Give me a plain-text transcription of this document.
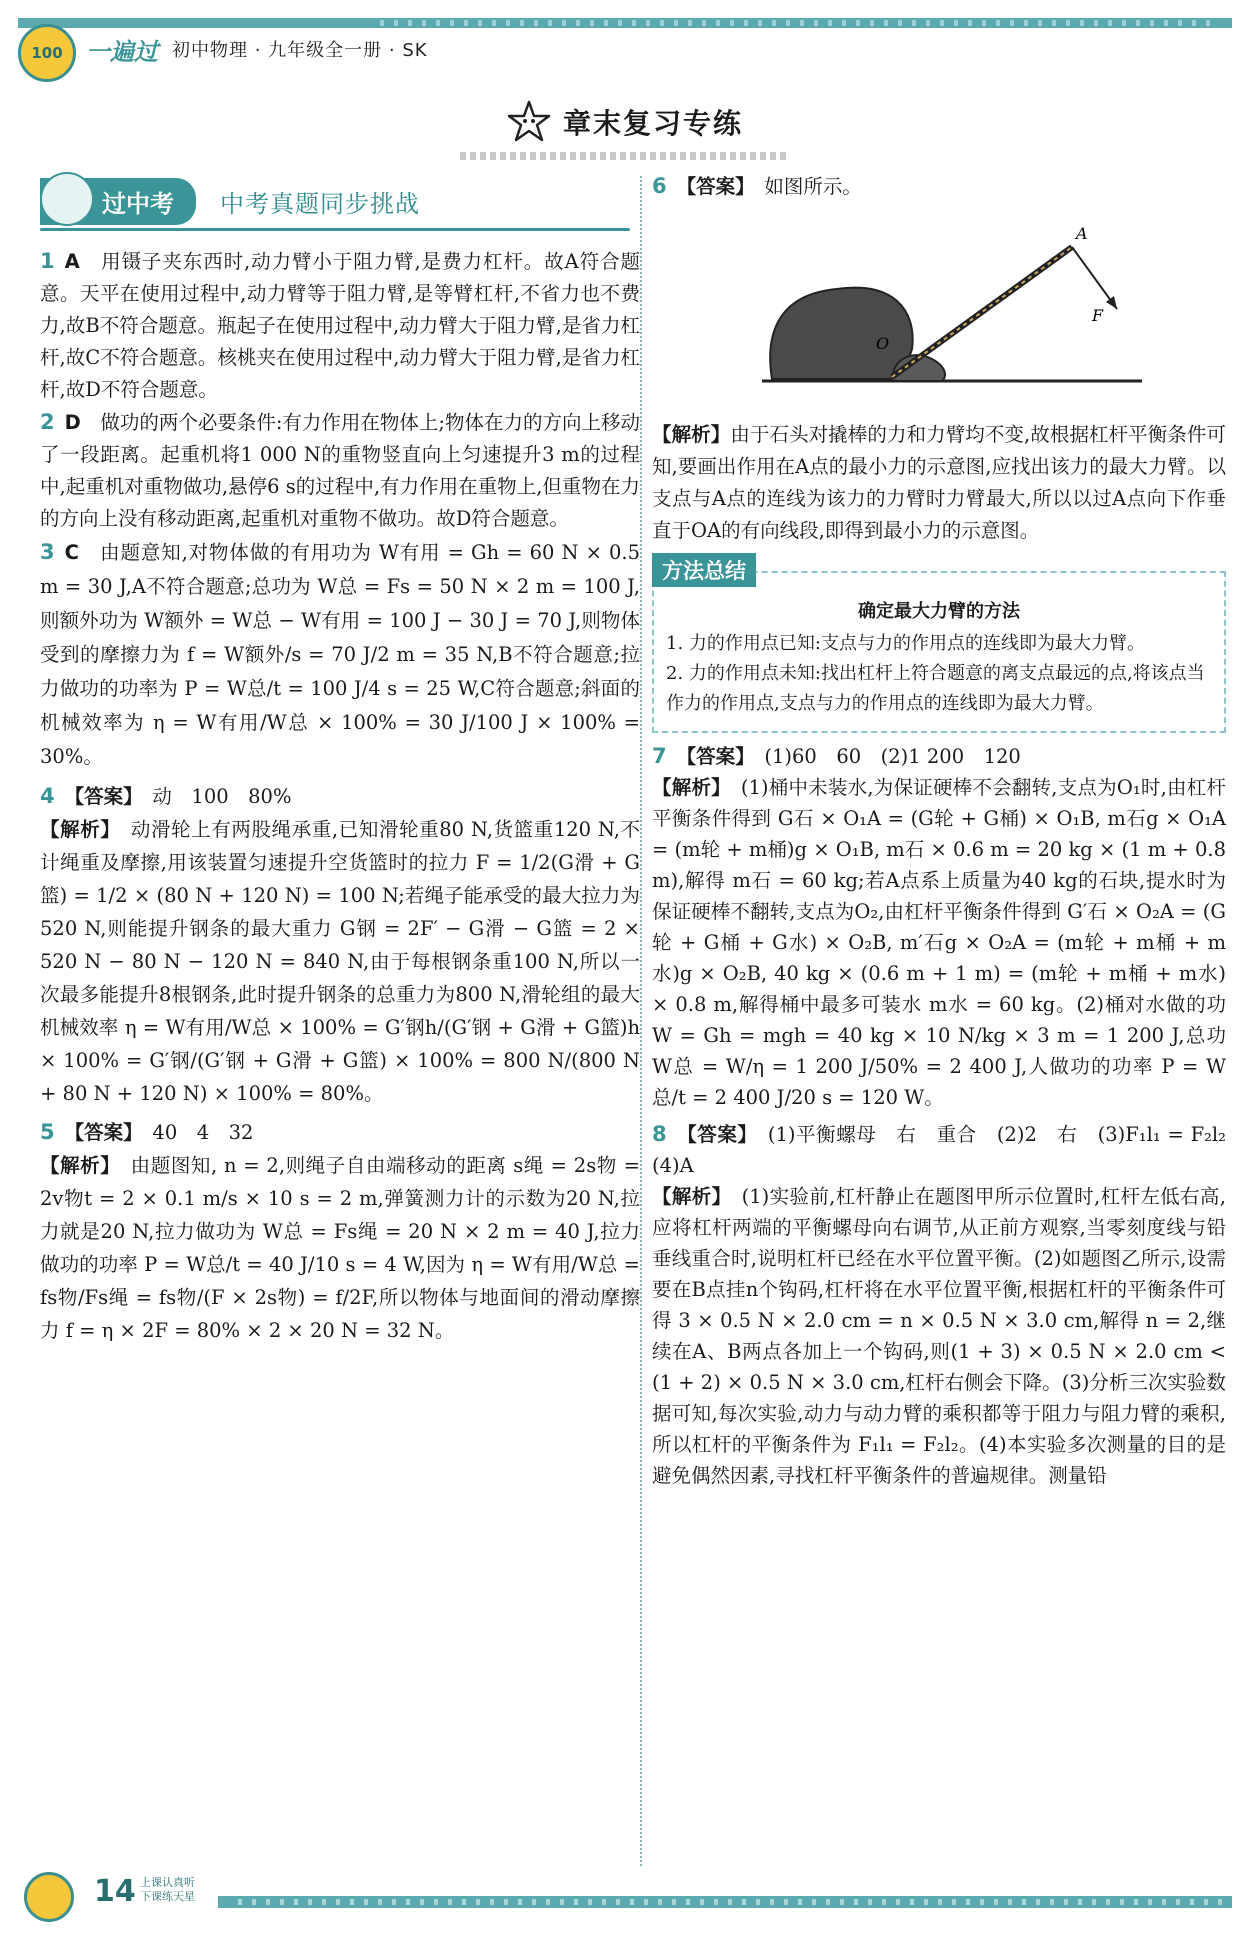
100 一遍过 初中物理 · 九年级全一册 · SK
章末复习专练
过中考	中考真题同步挑战

1 A　 用镊子夹东西时,动力臂小于阻力臂,是费力杠杆。故A符合题意。天平在使用过程中,动力臂等于阻力臂,是等臂杠杆,不省力也不费力,故B不符合题意。瓶起子在使用过程中,动力臂大于阻力臂,是省力杠杆,故C不符合题意。核桃夹在使用过程中,动力臂大于阻力臂,是省力杠杆,故D不符合题意。

2 D　 做功的两个必要条件:有力作用在物体上;物体在力的方向上移动了一段距离。起重机将1 000 N的重物竖直向上匀速提升3 m的过程中,起重机对重物做功,悬停6 s的过程中,有力作用在重物上,但重物在力的方向上没有移动距离,起重机对重物不做功。故D符合题意。

3 C　 由题意知,对物体做的有用功为 W有用 = Gh = 60 N × 0.5 m = 30 J,A不符合题意;总功为 W总 = Fs = 50 N × 2 m = 100 J,则额外功为 W额外 = W总 − W有用 = 100 J − 30 J = 70 J,则物体受到的摩擦力为 f = W额外/s = 70 J/2 m = 35 N,B不符合题意;拉力做功的功率为 P = W总/t = 100 J/4 s = 25 W,C符合题意;斜面的机械效率为 η = W有用/W总 × 100% = 30 J/100 J × 100% = 30%。

4 【答案】　 动　100　80%
【解析】　 动滑轮上有两股绳承重,已知滑轮重80 N,货篮重120 N,不计绳重及摩擦,用该装置匀速提升空货篮时的拉力 F = 1/2(G滑 + G篮) = 1/2 × (80 N + 120 N) = 100 N;若绳子能承受的最大拉力为520 N,则能提升钢条的最大重力 G钢 = 2F′ − G滑 − G篮 = 2 × 520 N − 80 N − 120 N = 840 N,由于每根钢条重100 N,所以一次最多能提升8根钢条,此时提升钢条的总重力为800 N,滑轮组的最大机械效率 η = W有用/W总 × 100% = G′钢h/(G′钢 + G滑 + G篮)h × 100% = G′钢/(G′钢 + G滑 + G篮) × 100% = 800 N/(800 N + 80 N + 120 N) × 100% = 80%。

5 【答案】　 40　4　32
【解析】　 由题图知, n = 2,则绳子自由端移动的距离 s绳 = 2s物 = 2v物t = 2 × 0.1 m/s × 10 s = 2 m,弹簧测力计的示数为20 N,拉力就是20 N,拉力做功为 W总 = Fs绳 = 20 N × 2 m = 40 J,拉力做功的功率 P = W总/t = 40 J/10 s = 4 W,因为 η = W有用/W总 = fs物/Fs绳 = fs物/(F × 2s物) = f/2F,所以物体与地面间的滑动摩擦力 f = η × 2F = 80% × 2 × 20 N = 32 N。

6 【答案】　 如图所示。

A
O
F

【解析】由于石头对撬棒的力和力臂均不变,故根据杠杆平衡条件可知,要画出作用在A点的最小力的示意图,应找出该力的最大力臂。以支点与A点的连线为该力的力臂时力臂最大,所以以过A点向下作垂直于OA的有向线段,即得到最小力的示意图。

方法总结
确定最大力臂的方法

1. 力的作用点已知:支点与力的作用点的连线即为最大力臂。

2. 力的作用点未知:找出杠杆上符合题意的离支点最远的点,将该点当作力的作用点,支点与力的作用点的连线即为最大力臂。

7 【答案】　 (1)60　60　(2)1 200　120
【解析】　 (1)桶中未装水,为保证硬棒不会翻转,支点为O₁时,由杠杆平衡条件得到 G石 × O₁A = (G轮 + G桶) × O₁B, m石g × O₁A = (m轮 + m桶)g × O₁B, m石 × 0.6 m = 20 kg × (1 m + 0.8 m),解得 m石 = 60 kg;若A点系上质量为40 kg的石块,提水时为保证硬棒不翻转,支点为O₂,由杠杆平衡条件得到 G′石 × O₂A = (G轮 + G桶 + G水) × O₂B, m′石g × O₂A = (m轮 + m桶 + m水)g × O₂B, 40 kg × (0.6 m + 1 m) = (m轮 + m桶 + m水) × 0.8 m,解得桶中最多可装水 m水 = 60 kg。(2)桶对水做的功 W = Gh = mgh = 40 kg × 10 N/kg × 3 m = 1 200 J,总功 W总 = W/η = 1 200 J/50% = 2 400 J,人做功的功率 P = W总/t = 2 400 J/20 s = 120 W。

8 【答案】　 (1)平衡螺母　右　重合　(2)2　右　(3)F₁l₁ = F₂l₂　(4)A
【解析】　 (1)实验前,杠杆静止在题图甲所示位置时,杠杆左低右高,应将杠杆两端的平衡螺母向右调节,从正前方观察,当零刻度线与铅垂线重合时,说明杠杆已经在水平位置平衡。(2)如题图乙所示,设需要在B点挂n个钩码,杠杆将在水平位置平衡,根据杠杆的平衡条件可得 3 × 0.5 N × 2.0 cm = n × 0.5 N × 3.0 cm,解得 n = 2,继续在A、B两点各加上一个钩码,则(1 + 3) × 0.5 N × 2.0 cm < (1 + 2) × 0.5 N × 3.0 cm,杠杆右侧会下降。(3)分析三次实验数据可知,每次实验,动力与动力臂的乘积都等于阻力与阻力臂的乘积,所以杠杆的平衡条件为 F₁l₁ = F₂l₂。(4)本实验多次测量的目的是避免偶然因素,寻找杠杆平衡条件的普遍规律。测量铅

14 上课认真听
下课练天星
